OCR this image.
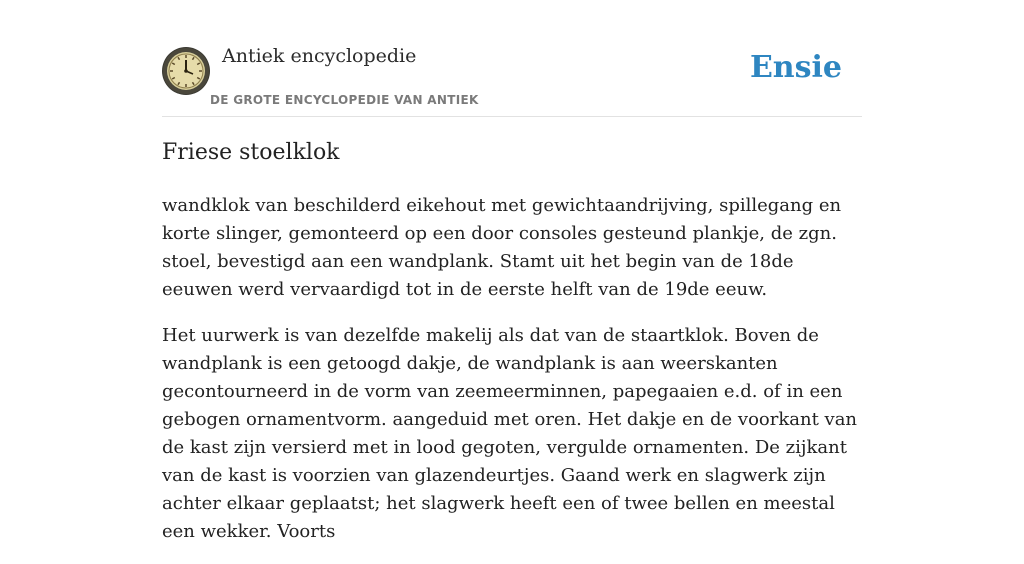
Antiek encyclopedie
DE GROTE ENCYCLOPEDIE VAN ANTIEK
Ensie
Friese stoelklok

wandklok van beschilderd eikehout met gewichtaandrijving, spillegang en korte slinger, gemonteerd op een door consoles gesteund plankje, de zgn. stoel, bevestigd aan een wandplank. Stamt uit het begin van de 18de eeuwen werd vervaardigd tot in de eerste helft van de 19de eeuw.

Het uurwerk is van dezelfde makelij als dat van de staartklok. Boven de wandplank is een getoogd dakje, de wandplank is aan weerskanten gecontourneerd in de vorm van zeemeerminnen, papegaaien e.d. of in een gebogen ornamentvorm. aangeduid met oren. Het dakje en de voorkant van de kast zijn versierd met in lood gegoten, vergulde ornamenten. De zijkant van de kast is voorzien van glazendeurtjes. Gaand werk en slagwerk zijn achter elkaar geplaatst; het slagwerk heeft een of twee bellen en meestal een wekker. Voorts
